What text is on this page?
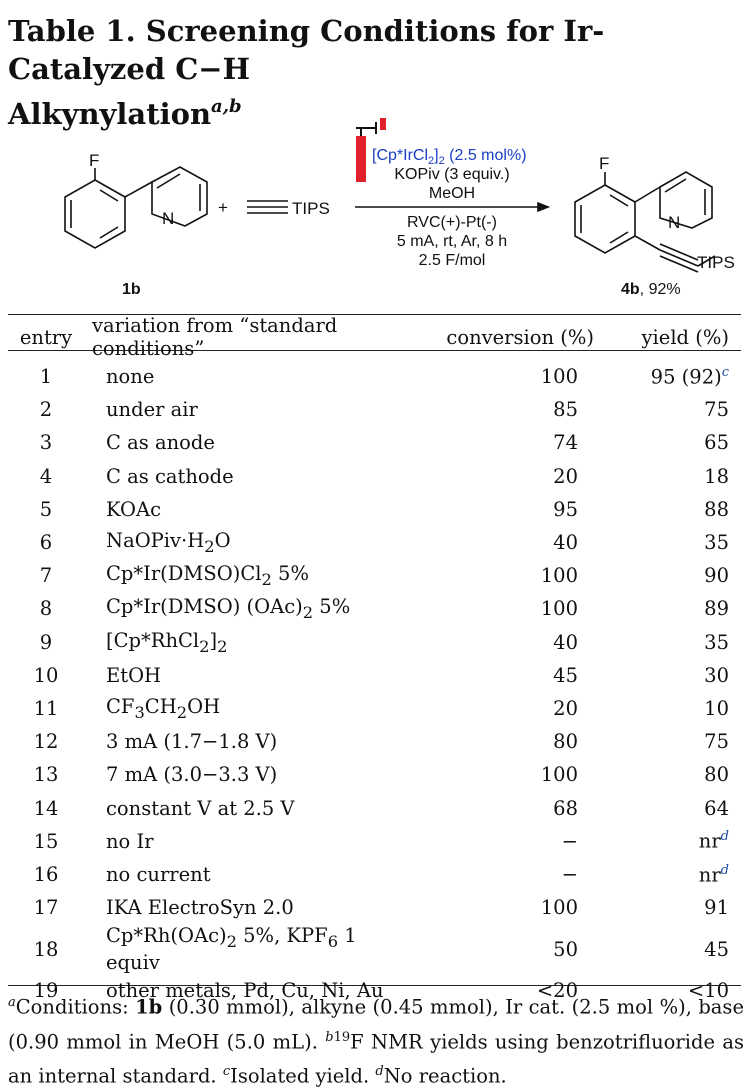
Table 1. Screening Conditions for Ir-Catalyzed C−H
Alkynylation$^{a,b}$
F
N
+	TIPS
F
N
TIPS
$[Cp*IrCl_2]_2$ (2.5 mol%)
KOPiv (3 equiv.)
MeOH
RVC(+)-Pt(-)
5 mA, rt, Ar, 8 h
2.5 F/mol
1b	4b, 92%
entry	variation from “standard conditions”	conversion (%)	yield (%)
1	none	100	95 $(92)^c$
2	under air	85	75
3	C as anode	74	65
4	C as cathode	20	18
5	KOAc	95	88
6	$NaOPiv\cdot H_2O$	40	35
7	$Cp*Ir(DMSO)Cl_2$ 5%	100	90
8	Cp*Ir(DMSO) $(OAc)_2$ 5%	100	89
9	$[Cp*RhCl_2]_2$	40	35
10	EtOH	45	30
11	$CF_3CH_2OH$	20	10
12	3 mA (1.7−1.8 V)	80	75
13	7 mA (3.0−3.3 V)	100	80
14	constant V at 2.5 V	68	64
15	no Ir	−	$nr^d$
16	no current	−	$nr^d$
17	IKA ElectroSyn 2.0	100	91
18	$Cp*Rh(OAc)_2$ 5%, $KPF_6$ 1 equiv	50	45
19	other metals, Pd, Cu, Ni, Au	<20	<10
$^a$Conditions: 1b (0.30 mmol), alkyne (0.45 mmol), Ir cat. (2.5 mol %), base (0.90 mmol in MeOH (5.0 mL). $^{b19}$F NMR yields using benzotrifluoride as an internal standard. $^c$Isolated yield. $^d$No reaction.
